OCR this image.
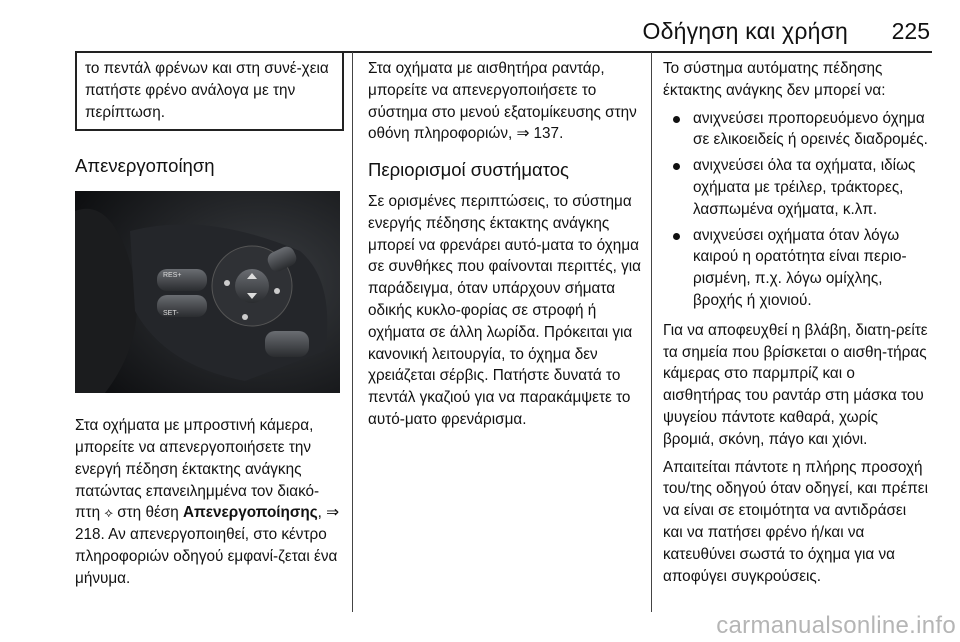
Οδήγηση και χρήση 225
το πεντάλ φρένων και στη συνέ-χεια πατήστε φρένο ανάλογα με την περίπτωση.
Απενεργοποίηση
RES+
SET-

Στα οχήματα με μπροστινή κάμερα, μπορείτε να απενεργοποιήσετε την ενεργή πέδηση έκτακτης ανάγκης πατώντας επανειλημμένα τον διακό-πτη ⟡ στη θέση Απενεργοποίησης, ⇒ 218. Αν απενεργοποιηθεί, στο κέντρο πληροφοριών οδηγού εμφανί-ζεται ένα μήνυμα.

Στα οχήματα με αισθητήρα ραντάρ, μπορείτε να απενεργοποιήσετε το σύστημα στο μενού εξατομίκευσης στην οθόνη πληροφοριών, ⇒ 137.

Περιορισμοί συστήματος

Σε ορισμένες περιπτώσεις, το σύστημα ενεργής πέδησης έκτακτης ανάγκης μπορεί να φρενάρει αυτό-ματα το όχημα σε συνθήκες που φαίνονται περιττές, για παράδειγμα, όταν υπάρχουν σήματα οδικής κυκλο-φορίας σε στροφή ή οχήματα σε άλλη λωρίδα. Πρόκειται για κανονική λειτουργία, το όχημα δεν χρειάζεται σέρβις. Πατήστε δυνατά το πεντάλ γκαζιού για να παρακάμψετε το αυτό-ματο φρενάρισμα.

Το σύστημα αυτόματης πέδησης έκτακτης ανάγκης δεν μπορεί να:

ανιχνεύσει προπορευόμενο όχημα σε ελικοειδείς ή ορεινές διαδρομές.
ανιχνεύσει όλα τα οχήματα, ιδίως οχήματα με τρέιλερ, τράκτορες, λασπωμένα οχήματα, κ.λπ.
ανιχνεύσει οχήματα όταν λόγω καιρού η ορατότητα είναι περιο-ρισμένη, π.χ. λόγω ομίχλης, βροχής ή χιονιού.

Για να αποφευχθεί η βλάβη, διατη-ρείτε τα σημεία που βρίσκεται ο αισθη-τήρας κάμερας στο παρμπρίζ και ο αισθητήρας του ραντάρ στη μάσκα του ψυγείου πάντοτε καθαρά, χωρίς βρομιά, σκόνη, πάγο και χιόνι.

Απαιτείται πάντοτε η πλήρης προσοχή του/της οδηγού όταν οδηγεί, και πρέπει να είναι σε ετοιμότητα να αντιδράσει και να πατήσει φρένο ή/και να κατευθύνει σωστά το όχημα για να αποφύγει συγκρούσεις.

carmanualsonline.info
